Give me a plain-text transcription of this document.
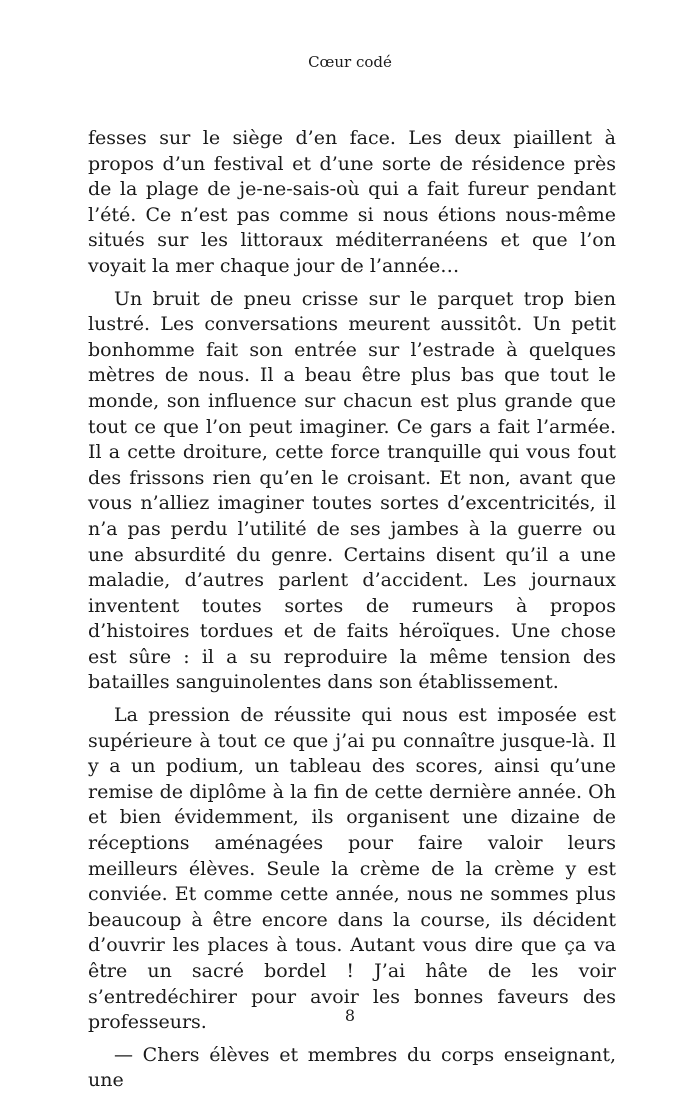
Cœur codé

fesses sur le siège d’en face. Les deux piaillent à propos d’un festival et d’une sorte de résidence près de la plage de je-ne-sais-où qui a fait fureur pendant l’été. Ce n’est pas comme si nous étions nous-même situés sur les littoraux méditerranéens et que l’on voyait la mer chaque jour de l’année…

Un bruit de pneu crisse sur le parquet trop bien lustré. Les conversations meurent aussitôt. Un petit bonhomme fait son entrée sur l’estrade à quelques mètres de nous. Il a beau être plus bas que tout le monde, son influence sur chacun est plus grande que tout ce que l’on peut imaginer. Ce gars a fait l’armée. Il a cette droiture, cette force tranquille qui vous fout des frissons rien qu’en le croisant. Et non, avant que vous n’alliez imaginer toutes sortes d’excentricités, il n’a pas perdu l’utilité de ses jambes à la guerre ou une absurdité du genre. Certains disent qu’il a une maladie, d’autres parlent d’accident. Les journaux inventent toutes sortes de rumeurs à propos d’histoires tordues et de faits héroïques. Une chose est sûre : il a su reproduire la même tension des batailles sanguinolentes dans son établissement.

La pression de réussite qui nous est imposée est supérieure à tout ce que j’ai pu connaître jusque-là. Il y a un podium, un tableau des scores, ainsi qu’une remise de diplôme à la fin de cette dernière année. Oh et bien évidemment, ils organisent une dizaine de réceptions aménagées pour faire valoir leurs meilleurs élèves. Seule la crème de la crème y est conviée. Et comme cette année, nous ne sommes plus beaucoup à être encore dans la course, ils décident d’ouvrir les places à tous. Autant vous dire que ça va être un sacré bordel ! J’ai hâte de les voir s’entredéchirer pour avoir les bonnes faveurs des professeurs.

— Chers élèves et membres du corps enseignant, une

8
